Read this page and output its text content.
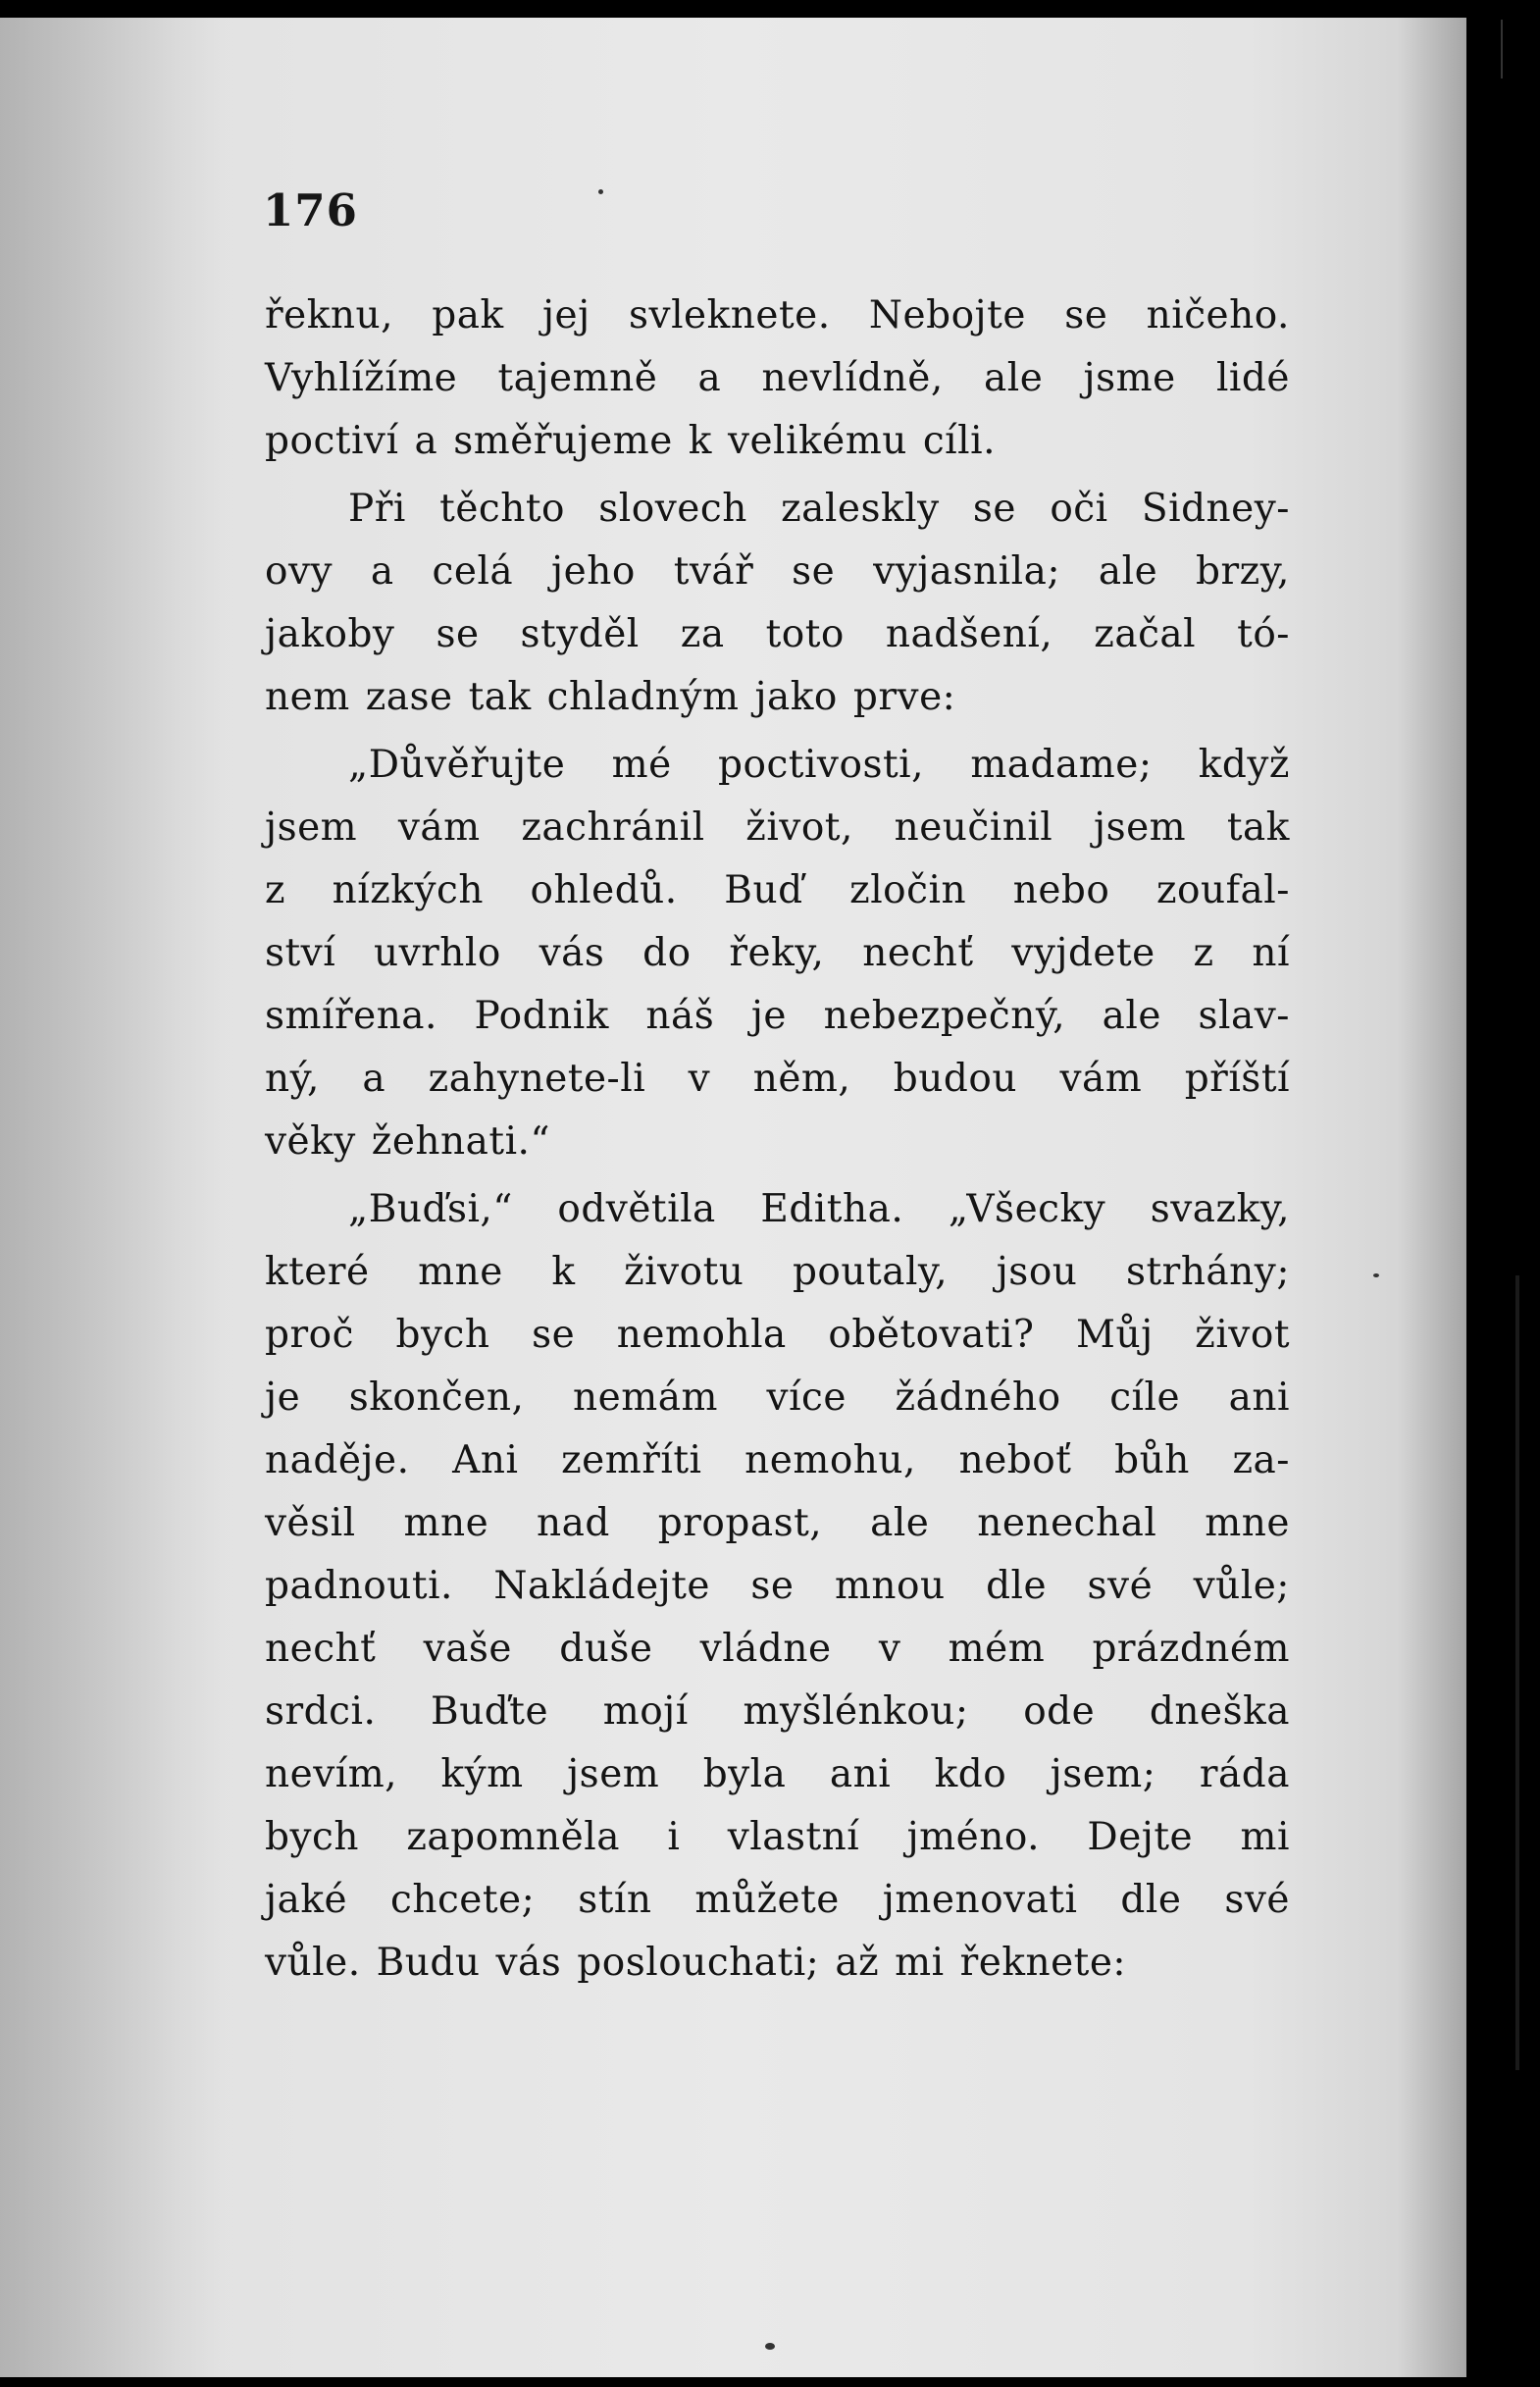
176
řeknu, pak jej svleknete. Nebojte se ničeho.
Vyhlížíme tajemně a nevlídně, ale jsme lidé
poctiví a směřujeme k velikému cíli.
Při těchto slovech zaleskly se oči Sidney-
ovy a celá jeho tvář se vyjasnila; ale brzy,
jakoby se styděl za toto nadšení, začal tó-
nem zase tak chladným jako prve:
„Důvěřujte mé poctivosti, madame; když
jsem vám zachránil život, neučinil jsem tak
z nízkých ohledů. Buď zločin nebo zoufal-
ství uvrhlo vás do řeky, nechť vyjdete z ní
smířena. Podnik náš je nebezpečný, ale slav-
ný, a zahynete-li v něm, budou vám příští
věky žehnati.“
„Buďsi,“ odvětila Editha. „Všecky svazky,
které mne k životu poutaly, jsou strhány;
proč bych se nemohla obětovati? Můj život
je skončen, nemám více žádného cíle ani
naděje. Ani zemříti nemohu, neboť bůh za-
věsil mne nad propast, ale nenechal mne
padnouti. Nakládejte se mnou dle své vůle;
nechť vaše duše vládne v mém prázdném
srdci. Buďte mojí myšlénkou; ode dneška
nevím, kým jsem byla ani kdo jsem; ráda
bych zapomněla i vlastní jméno. Dejte mi
jaké chcete; stín můžete jmenovati dle své
vůle. Budu vás poslouchati; až mi řeknete:
